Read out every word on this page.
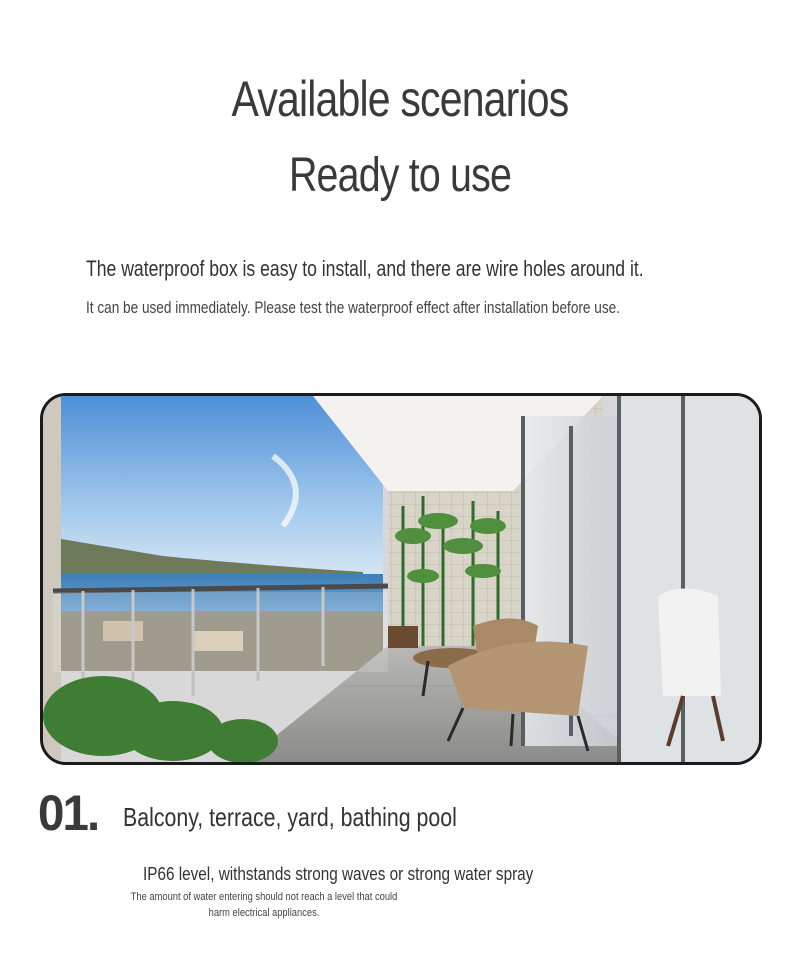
Available scenarios
Ready to use
The waterproof box is easy to install, and there are wire holes around it.
It can be used immediately. Please test the waterproof effect after installation before use.
01. Balcony, terrace, yard, bathing pool
IP66 level, withstands strong waves or strong water spray
The amount of water entering should not reach a level that could harm electrical appliances.
